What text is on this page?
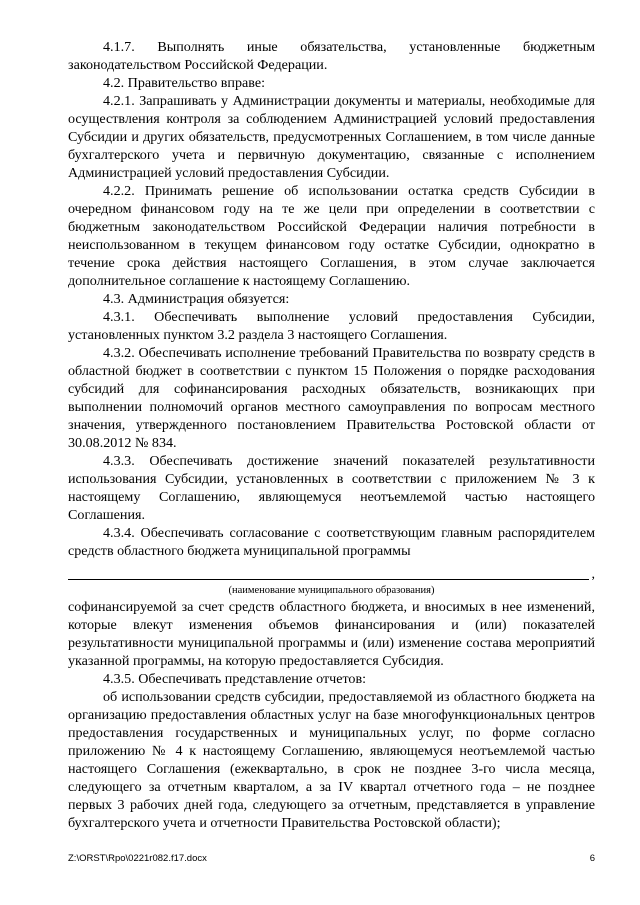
4.1.7. Выполнять иные обязательства, установленные бюджетным законодательством Российской Федерации.

4.2. Правительство вправе:

4.2.1. Запрашивать у Администрации документы и материалы, необходимые для осуществления контроля за соблюдением Администрацией условий предоставления Субсидии и других обязательств, предусмотренных Соглашением, в том числе данные бухгалтерского учета и первичную документацию, связанные с исполнением Администрацией условий предоставления Субсидии.

4.2.2. Принимать решение об использовании остатка средств Субсидии в очередном финансовом году на те же цели при определении в соответствии с бюджетным законодательством Российской Федерации наличия потребности в неиспользованном в текущем финансовом году остатке Субсидии, однократно в течение срока действия настоящего Соглашения, в этом случае заключается дополнительное соглашение к настоящему Соглашению.

4.3. Администрация обязуется:

4.3.1. Обеспечивать выполнение условий предоставления Субсидии, установленных пунктом 3.2 раздела 3 настоящего Соглашения.

4.3.2. Обеспечивать исполнение требований Правительства по возврату средств в областной бюджет в соответствии с пунктом 15 Положения о порядке расходования субсидий для софинансирования расходных обязательств, возникающих при выполнении полномочий органов местного самоуправления по вопросам местного значения, утвержденного постановлением Правительства Ростовской области от 30.08.2012 № 834.

4.3.3. Обеспечивать достижение значений показателей результативности использования Субсидии, установленных в соответствии с приложением № 3 к настоящему Соглашению, являющемуся неотъемлемой частью настоящего Соглашения.

4.3.4. Обеспечивать согласование с соответствующим главным распорядителем средств областного бюджета муниципальной программы

,

(наименование муниципального образования)

софинансируемой за счет средств областного бюджета, и вносимых в нее изменений, которые влекут изменения объемов финансирования и (или) показателей результативности муниципальной программы и (или) изменение состава мероприятий указанной программы, на которую предоставляется Субсидия.

4.3.5. Обеспечивать представление отчетов:

об использовании средств субсидии, предоставляемой из областного бюджета на организацию предоставления областных услуг на базе многофункциональных центров предоставления государственных и муниципальных услуг, по форме согласно приложению № 4 к настоящему Соглашению, являющемуся неотъемлемой частью настоящего Соглашения (ежеквартально, в срок не позднее 3-го числа месяца, следующего за отчетным кварталом, а за IV квартал отчетного года – не позднее первых 3 рабочих дней года, следующего за отчетным, представляется в управление бухгалтерского учета и отчетности Правительства Ростовской области);

Z:\ORST\Rpo\0221r082.f17.docx	6
